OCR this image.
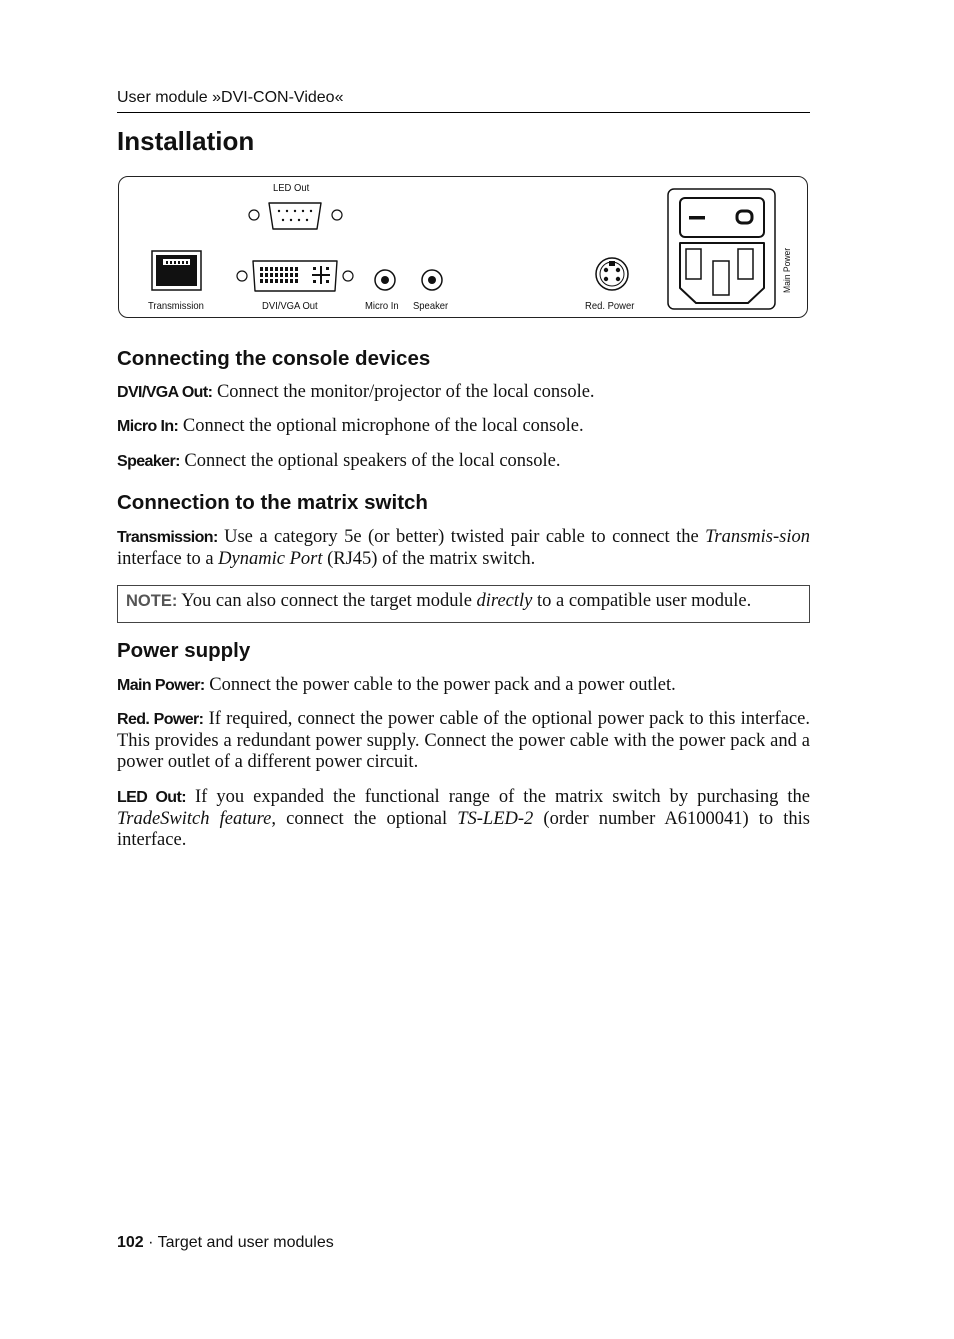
User module »DVI-CON-Video«
Installation
LED Out
Transmission	DVI/VGA Out	Micro In Speaker	Red. Power
Main Power
Connecting the console devices

DVI/VGA Out: Connect the monitor/projector of the local console.

Micro In: Connect the optional microphone of the local console.

Speaker: Connect the optional speakers of the local console.

Connection to the matrix switch

Transmission: Use a category 5e (or better) twisted pair cable to connect the Transmis-sion interface to a Dynamic Port (RJ45) of the matrix switch.

NOTE: You can also connect the target module directly to a compatible user module.
Power supply

Main Power: Connect the power cable to the power pack and a power outlet.

Red. Power: If required, connect the power cable of the optional power pack to this interface. This provides a redundant power supply. Connect the power cable with the power pack and a power outlet of a different power circuit.

LED Out: If you expanded the functional range of the matrix switch by purchasing the TradeSwitch feature, connect the optional TS-LED-2 (order number A6100041) to this interface.

102 · Target and user modules
